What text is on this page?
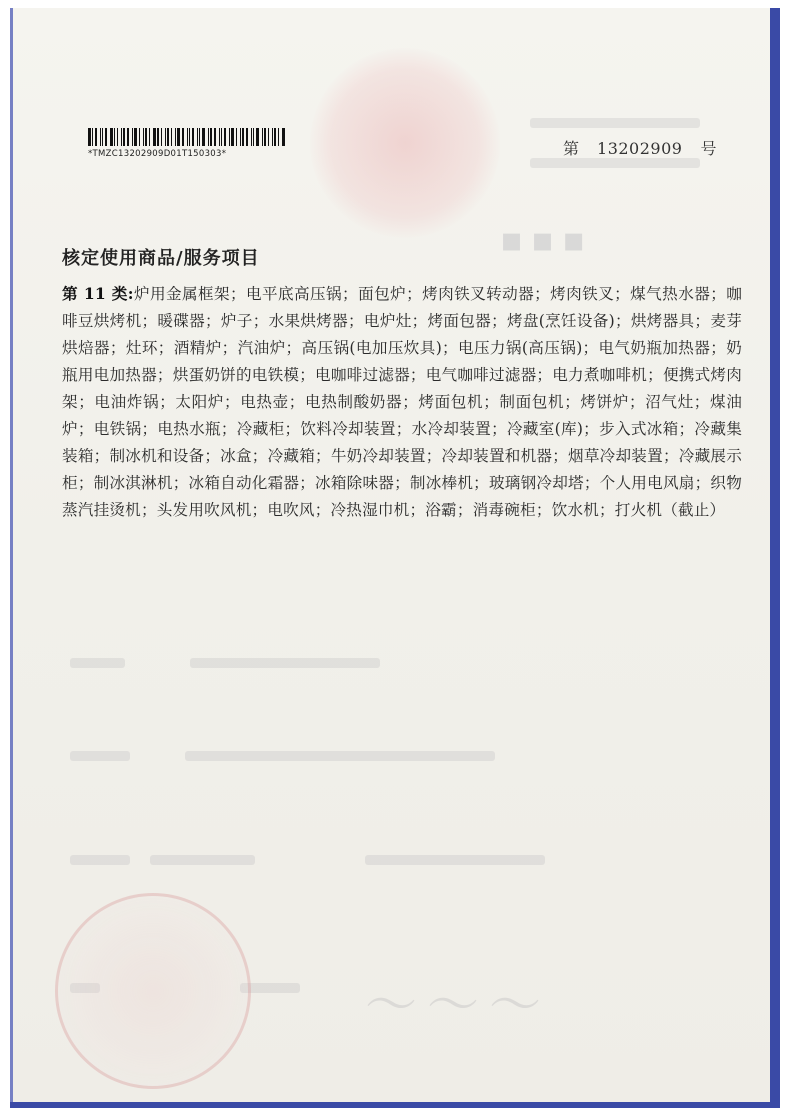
▪▪▪
〜〜〜
*TMZC13202909D01T150303*	第 13202909 号
核定使用商品/服务项目
第 11 类:炉用金属框架；电平底高压锅；面包炉；烤肉铁叉转动器；烤肉铁叉；煤气热水器；咖啡豆烘烤机；暖碟器；炉子；水果烘烤器；电炉灶；烤面包器；烤盘(烹饪设备)；烘烤器具；麦芽烘焙器；灶环；酒精炉；汽油炉；高压锅(电加压炊具)；电压力锅(高压锅)；电气奶瓶加热器；奶瓶用电加热器；烘蛋奶饼的电铁模；电咖啡过滤器；电气咖啡过滤器；电力煮咖啡机；便携式烤肉架；电油炸锅；太阳炉；电热壶；电热制酸奶器；烤面包机；制面包机；烤饼炉；沼气灶；煤油炉；电铁锅；电热水瓶；冷藏柜；饮料冷却装置；水冷却装置；冷藏室(库)；步入式冰箱；冷藏集装箱；制冰机和设备；冰盒；冷藏箱；牛奶冷却装置；冷却装置和机器；烟草冷却装置；冷藏展示柜；制冰淇淋机；冰箱自动化霜器；冰箱除味器；制冰棒机；玻璃钢冷却塔；个人用电风扇；织物蒸汽挂烫机；头发用吹风机；电吹风；冷热湿巾机；浴霸；消毒碗柜；饮水机；打火机（截止）
